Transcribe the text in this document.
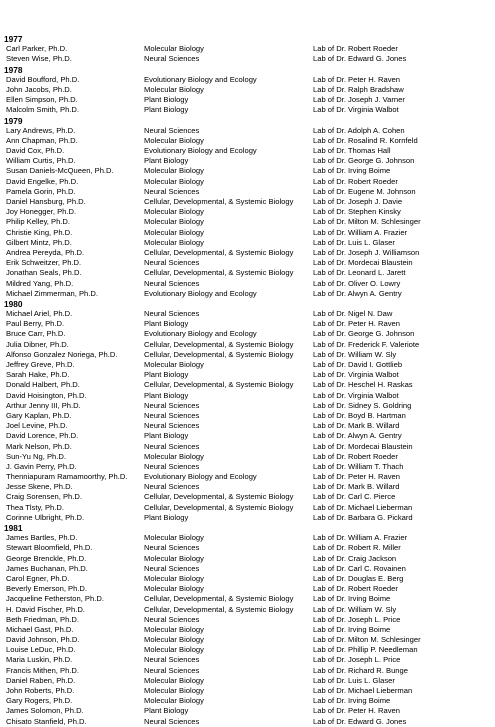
1977
Carl Parker, Ph.D.	Molecular Biology	Lab of Dr. Robert Roeder
Steven Wise, Ph.D.	Neural Sciences	Lab of Dr. Edward G. Jones
1978
David Boufford, Ph.D.	Evolutionary Biology and Ecology	Lab of Dr. Peter H. Raven
John Jacobs, Ph.D.	Molecular Biology	Lab of Dr. Ralph Bradshaw
Ellen Simpson, Ph.D.	Plant Biology	Lab of Dr. Joseph J. Varner
Malcolm Smith, Ph.D.	Plant Biology	Lab of Dr. Virginia Walbot
1979
Lary Andrews, Ph.D.	Neural Sciences	Lab of Dr. Adolph A. Cohen
Ann Chapman, Ph.D.	Molecular Biology	Lab of Dr. Rosalind R. Kornfeld
David Cox, Ph.D.	Evolutionary Biology and Ecology	Lab of Dr. Thomas Hall
William Curtis, Ph.D.	Plant Biology	Lab of Dr. George G. Johnson
Susan Daniels-McQueen, Ph.D.	Molecular Biology	Lab of Dr. Irving Boime
David Engelke, Ph.D.	Molecular Biology	Lab of Dr. Robert Roeder
Pamela Gorin, Ph.D.	Neural Sciences	Lab of Dr. Eugene M. Johnson
Daniel Hansburg, Ph.D.	Cellular, Developmental, & Systemic Biology	Lab of Dr. Joseph J. Davie
Joy Honegger, Ph.D.	Molecular Biology	Lab of Dr. Stephen Kinsky
Philip Kelley, Ph.D.	Molecular Biology	Lab of Dr. Milton M. Schlesinger
Christie King, Ph.D.	Molecular Biology	Lab of Dr. William A. Frazier
Gilbert Mintz, Ph.D.	Molecular Biology	Lab of Dr. Luis L. Glaser
Andrea Pereyda, Ph.D.	Cellular, Developmental, & Systemic Biology	Lab of Dr. Joseph J. Williamson
Erik Schweitzer, Ph.D.	Neural Sciences	Lab of Dr. Mordecai Blaustein
Jonathan Seals, Ph.D.	Cellular, Developmental, & Systemic Biology	Lab of Dr. Leonard L. Jarett
Mildred Yang, Ph.D.	Neural Sciences	Lab of Dr. Oliver O. Lowry
Michael Zimmerman, Ph.D.	Evolutionary Biology and Ecology	Lab of Dr. Alwyn A. Gentry
1980
Michael Ariel, Ph.D.	Neural Sciences	Lab of Dr. Nigel N. Daw
Paul Berry, Ph.D.	Plant Biology	Lab of Dr. Peter H. Raven
Bruce Carr, Ph.D.	Evolutionary Biology and Ecology	Lab of Dr. George G. Johnson
Julia Dibner, Ph.D.	Cellular, Developmental, & Systemic Biology	Lab of Dr. Frederick F. Valeriote
Alfonso Gonzalez Noriega, Ph.D.	Cellular, Developmental, & Systemic Biology	Lab of Dr. William W. Sly
Jeffrey Greve, Ph.D.	Molecular Biology	Lab of Dr. David I. Gottlieb
Sarah Hake, Ph.D.	Plant Biology	Lab of Dr. Virginia Walbot
Donald Halbert, Ph.D.	Cellular, Developmental, & Systemic Biology	Lab of Dr. Heschel H. Raskas
David Hoisington, Ph.D.	Plant Biology	Lab of Dr. Virginia Walbot
Arthur Jenny III, Ph.D.	Neural Sciences	Lab of Dr. Sidney S. Goldring
Gary Kaplan, Ph.D.	Neural Sciences	Lab of Dr. Boyd B. Hartman
Joel Levine, Ph.D.	Neural Sciences	Lab of Dr. Mark B. Willard
David Lorence, Ph.D.	Plant Biology	Lab of Dr. Alwyn A. Gentry
Mark Nelson, Ph.D.	Neural Sciences	Lab of Dr. Mordecai Blaustein
Sun-Yu Ng, Ph.D.	Molecular Biology	Lab of Dr. Robert Roeder
J. Gavin Perry, Ph.D.	Neural Sciences	Lab of Dr. William T. Thach
Thenniapuram Ramamoorthy, Ph.D. Evolutionary Biology and Ecology	Lab of Dr. Peter H. Raven
Jesse Skene, Ph.D.	Neural Sciences	Lab of Dr. Mark B. Willard
Craig Sorensen, Ph.D.	Cellular, Developmental, & Systemic Biology	Lab of Dr. Carl C. Pierce
Thea Tlsty, Ph.D.	Cellular, Developmental, & Systemic Biology	Lab of Dr. Michael Lieberman
Corinne Ulbright, Ph.D.	Plant Biology	Lab of Dr. Barbara G. Pickard
1981
James Bartles, Ph.D.	Molecular Biology	Lab of Dr. William A. Frazier
Stewart Bloomfield, Ph.D.	Neural Sciences	Lab of Dr. Robert R. Miller
George Brenckle, Ph.D.	Molecular Biology	Lab of Dr. Craig Jackson
James Buchanan, Ph.D.	Neural Sciences	Lab of Dr. Carl C. Rovainen
Carol Egner, Ph.D.	Molecular Biology	Lab of Dr. Douglas E. Berg
Beverly Emerson, Ph.D.	Molecular Biology	Lab of Dr. Robert Roeder
Jacqueline Fetherston, Ph.D.	Cellular, Developmental, & Systemic Biology	Lab of Dr. Irving Boime
H. David Fischer, Ph.D.	Cellular, Developmental, & Systemic Biology	Lab of Dr. William W. Sly
Beth Friedman, Ph.D.	Neural Sciences	Lab of Dr. Joseph L. Price
Michael Gast, Ph.D.	Molecular Biology	Lab of Dr. Irving Boime
David Johnson, Ph.D.	Molecular Biology	Lab of Dr. Milton M. Schlesinger
Louise LeDuc, Ph.D.	Molecular Biology	Lab of Dr. Phillip P. Needleman
Maria Luskin, Ph.D.	Neural Sciences	Lab of Dr. Joseph L. Price
Francis Mithen, Ph.D.	Neural Sciences	Lab of Dr. Richard R. Bunge
Daniel Raben, Ph.D.	Molecular Biology	Lab of Dr. Luis L. Glaser
John Roberts, Ph.D.	Molecular Biology	Lab of Dr. Michael Lieberman
Gary Rogers, Ph.D.	Molecular Biology	Lab of Dr. Irving Boime
James Solomon, Ph.D.	Plant Biology	Lab of Dr. Peter H. Raven
Chisato Stanfield, Ph.D.	Neural Sciences	Lab of Dr. Edward G. Jones
